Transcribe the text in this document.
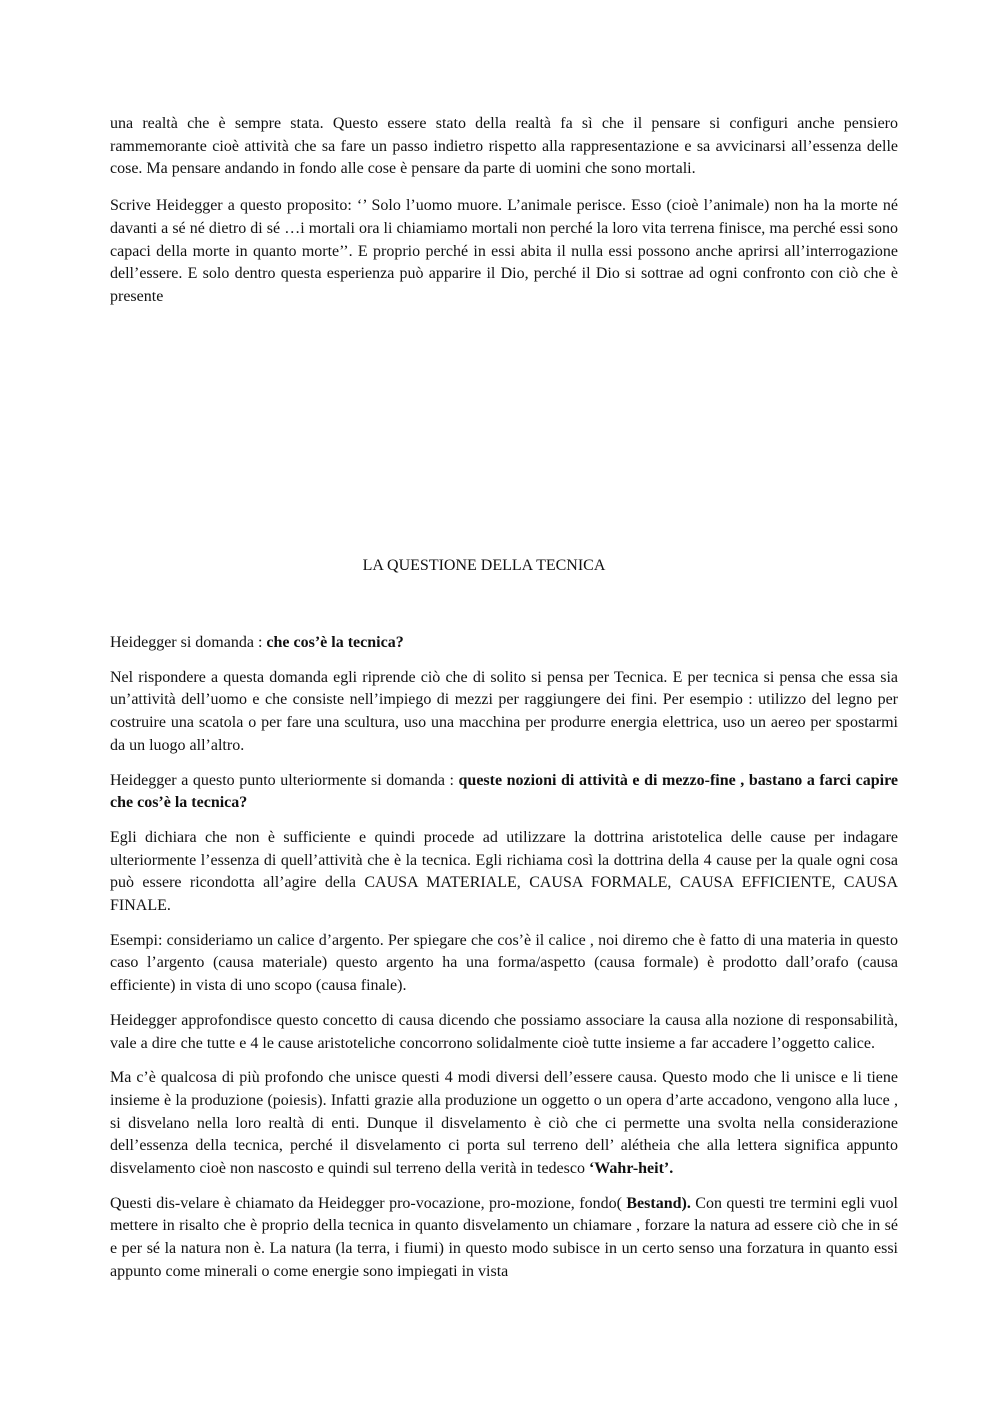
una realtà che è sempre stata. Questo essere stato della realtà fa sì che il pensare si configuri anche pensiero rammemorante cioè attività che sa fare un passo indietro rispetto alla rappresentazione e sa avvicinarsi all’essenza delle cose. Ma pensare andando in fondo alle cose è pensare da parte di uomini che sono mortali.

Scrive Heidegger a questo proposito: ‘’ Solo l’uomo muore. L’animale perisce. Esso (cioè l’animale) non ha la morte né davanti a sé né dietro di sé …i mortali ora li chiamiamo mortali non perché la loro vita terrena finisce, ma perché essi sono capaci della morte in quanto morte’’. E proprio perché in essi abita il nulla essi possono anche aprirsi all’interrogazione dell’essere. E solo dentro questa esperienza può apparire il Dio, perché il Dio si sottrae ad ogni confronto con ciò che è presente

LA QUESTIONE DELLA TECNICA

Heidegger si domanda : che cos’è la tecnica?

Nel rispondere a questa domanda egli riprende ciò che di solito si pensa per Tecnica. E per tecnica si pensa che essa sia un’attività dell’uomo e che consiste nell’impiego di mezzi per raggiungere dei fini. Per esempio : utilizzo del legno per costruire una scatola o per fare una scultura, uso una macchina per produrre energia elettrica, uso un aereo per spostarmi da un luogo all’altro.

Heidegger a questo punto ulteriormente si domanda : queste nozioni di attività e di mezzo-fine , bastano a farci capire che cos’è la tecnica?

Egli dichiara che non è sufficiente e quindi procede ad utilizzare la dottrina aristotelica delle cause per indagare ulteriormente l’essenza di quell’attività che è la tecnica. Egli richiama così la dottrina della 4 cause per la quale ogni cosa può essere ricondotta all’agire della CAUSA MATERIALE, CAUSA FORMALE, CAUSA EFFICIENTE, CAUSA FINALE.

Esempi: consideriamo un calice d’argento. Per spiegare che cos’è il calice , noi diremo che è fatto di una materia in questo caso l’argento (causa materiale) questo argento ha una forma/aspetto (causa formale) è prodotto dall’orafo (causa efficiente) in vista di uno scopo (causa finale).

Heidegger approfondisce questo concetto di causa dicendo che possiamo associare la causa alla nozione di responsabilità, vale a dire che tutte e 4 le cause aristoteliche concorrono solidalmente cioè tutte insieme a far accadere l’oggetto calice.

Ma c’è qualcosa di più profondo che unisce questi 4 modi diversi dell’essere causa. Questo modo che li unisce e li tiene insieme è la produzione (poiesis). Infatti grazie alla produzione un oggetto o un opera d’arte accadono, vengono alla luce , si disvelano nella loro realtà di enti. Dunque il disvelamento è ciò che ci permette una svolta nella considerazione dell’essenza della tecnica, perché il disvelamento ci porta sul terreno dell’ alétheia che alla lettera significa appunto disvelamento cioè non nascosto e quindi sul terreno della verità in tedesco ‘Wahr-heit’.

Questi dis-velare è chiamato da Heidegger pro-vocazione, pro-mozione, fondo( Bestand). Con questi tre termini egli vuol mettere in risalto che è proprio della tecnica in quanto disvelamento un chiamare , forzare la natura ad essere ciò che in sé e per sé la natura non è. La natura (la terra, i fiumi) in questo modo subisce in un certo senso una forzatura in quanto essi appunto come minerali o come energie sono impiegati in vista
